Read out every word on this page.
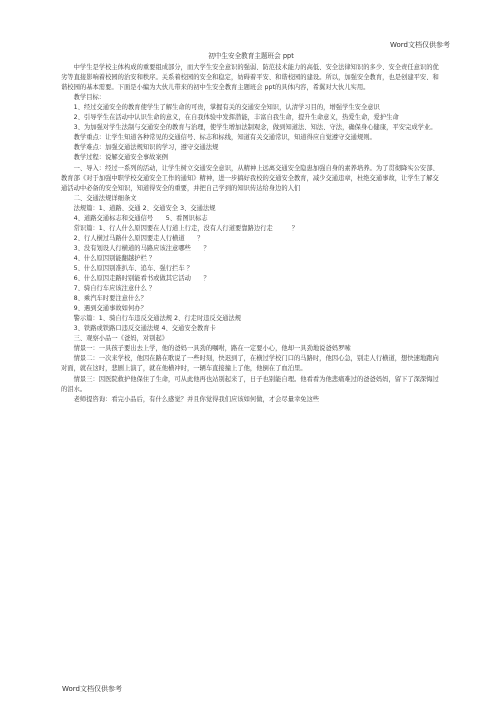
Word文档仅供参考
初中生安全教育主题班会 ppt

中学生是学校主体构成的重要组成部分，而大学生安全意识的强弱、防范技术能力的高低、安全法律知识的多少、安全责任意识的优劣等直接影响着校园的治安和秩序。关系着校园的安全和稳定，妨碍着平安、和谐校园的建设。所以，加强安全教育，也是创建平安、和谐校园的基本需要。下面是小编为大伙儿带来的初中生安全教育主题班会 ppt的具体内容，希翼对大伙儿实用。

教学目标：

1、经过交通安全的教育使学生了解生命的可贵，掌握有关的交通安全知识，认清学习目的，增强学生安全意识

2、引导学生在活动中认识生命的意义，在自我体验中发挥潜能，丰富自我生命，提升生命意义，热爱生命，爱护生命

3、为加强对学生法制与交通安全的教育与治理，使学生增加法制观念，做到知道法、知法、守法，确保身心健康，平安完成学业。

教学重点：让学生知道各种常见的交通信号、标志和标线，知道有关交通常识，知道得应自觉遵守交通规则。

教学难点：加强交通法规知识的学习，遵守交通法规

教学过程：说解交通安全事故案例

一、导入：经过一系列的活动，让学生树立交通安全意识，从精神上远离交通安全隐患加强自身的素养培养。为了贯彻降实公安部、教育部《对于加强中职学校交通安全工作的通知》精神，进一步搞好我校的交通安全教育，减少交通违章，杜绝交通事故，让学生了解交通活动中必备的安全知识，知道得安全的重要，并把自己学到的知识传达给身边的人们

二、交通法规详细条文

法规篇：1、道路、交通 2、交通安全 3、交通法规

4、道路交通标志和交通信号　　5、看图识标志

常识篇：1、行人什么原因要在人行道上行走，没有人行道要靠路边行走　　　？

2、行人横过马路什么原因要走人行横道　　？

3、没有划设人行横道的马路应该注意哪些　　？

4、什么原因别能翻越护栏 ？

5、什么原因别准扒车、追车、强行拦车 ？

6、什么原因走路时别能看书或做其它活动　　？

7、骑自行车应该注意什么 ？

8、乘汽车时要注意什么？

9、遇到交通事故如何办？

警示篇：1、骑自行车违反交通法规 2、行走时违反交通法规

3、铁路或铁路口违反交通法规 4、交通安全教育卡

三、观察小品一《爸妈，对别起》

情景一：一具孩子要出去上学，他的爸妈一具劲的嘱咐，路在一定要小心，他却一具劲地说爸妈罗嗦

情景二：一次来学校，他因在路在歌说了一些时刻，快迟到了，在横过学校门口的马路时，他因心急，别走人行横道，想快速地跑向对面，就在这时，悲剧上演了，就在他横冲时，一辆车直接撞上了他，他倒在了血泊里。

情景三：因医院救护他保住了生命，可从此他再也站别起来了，日子也别能自理。他看看为他悲痛难过的爸爸妈妈，留下了深深悔过的泪水。

老师提咨询：看完小品后，有什么感觉？并且你觉得我们应该如何做，才会尽量幸免这些

Word文档仅供参考
